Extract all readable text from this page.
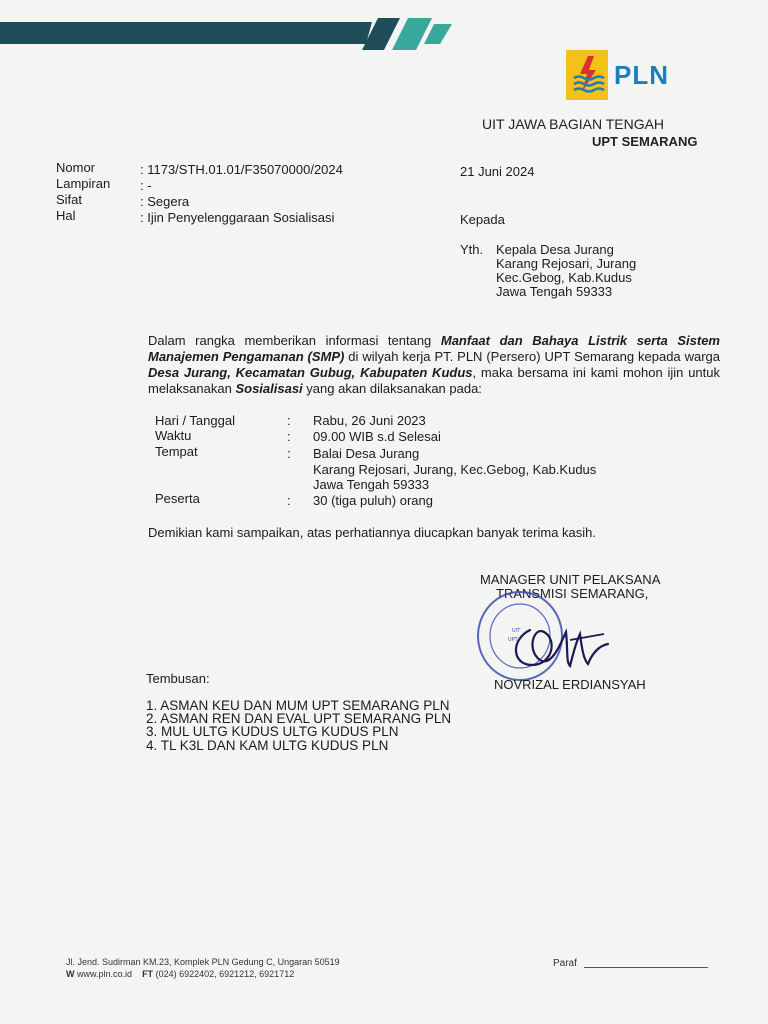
PLN
UIT JAWA BAGIAN TENGAH
UPT SEMARANG
Nomor	: 1173/STH.01.01/F35070000/2024
Lampiran : -
Sifat	: Segera
Hal	: Ijin Penyelenggaraan Sosialisasi
21 Juni 2024
Kepada
Yth. Kepala Desa Jurang
Karang Rejosari, Jurang
Kec.Gebog, Kab.Kudus
Jawa Tengah 59333
Dalam rangka memberikan informasi tentang Manfaat dan Bahaya Listrik serta Sistem Manajemen Pengamanan (SMP) di wilyah kerja PT. PLN (Persero) UPT Semarang kepada warga Desa Jurang, Kecamatan Gubug, Kabupaten Kudus, maka bersama ini kami mohon ijin untuk melaksanakan Sosialisasi yang akan dilaksanakan pada:
Hari / Tanggal	: Rabu, 26 Juni 2023
Waktu	: 09.00 WIB s.d Selesai
Tempat	: Balai Desa Jurang
Karang Rejosari, Jurang, Kec.Gebog, Kab.Kudus
Jawa Tengah 59333
Peserta	: 30 (tiga puluh) orang
Demikian kami sampaikan, atas perhatiannya diucapkan banyak terima kasih.
MANAGER UNIT PELAKSANA
TRANSMISI SEMARANG,
UIT
UPT
NOVRIZAL ERDIANSYAH
Tembusan:
1. ASMAN KEU DAN MUM UPT SEMARANG PLN
2. ASMAN REN DAN EVAL UPT SEMARANG PLN
3. MUL ULTG KUDUS ULTG KUDUS PLN
4. TL K3L DAN KAM ULTG KUDUS PLN
Jl. Jend. Sudirman KM.23, Komplek PLN Gedung C, Ungaran 50519
W www.pln.co.id FT (024) 6922402, 6921212, 6921712
Paraf
